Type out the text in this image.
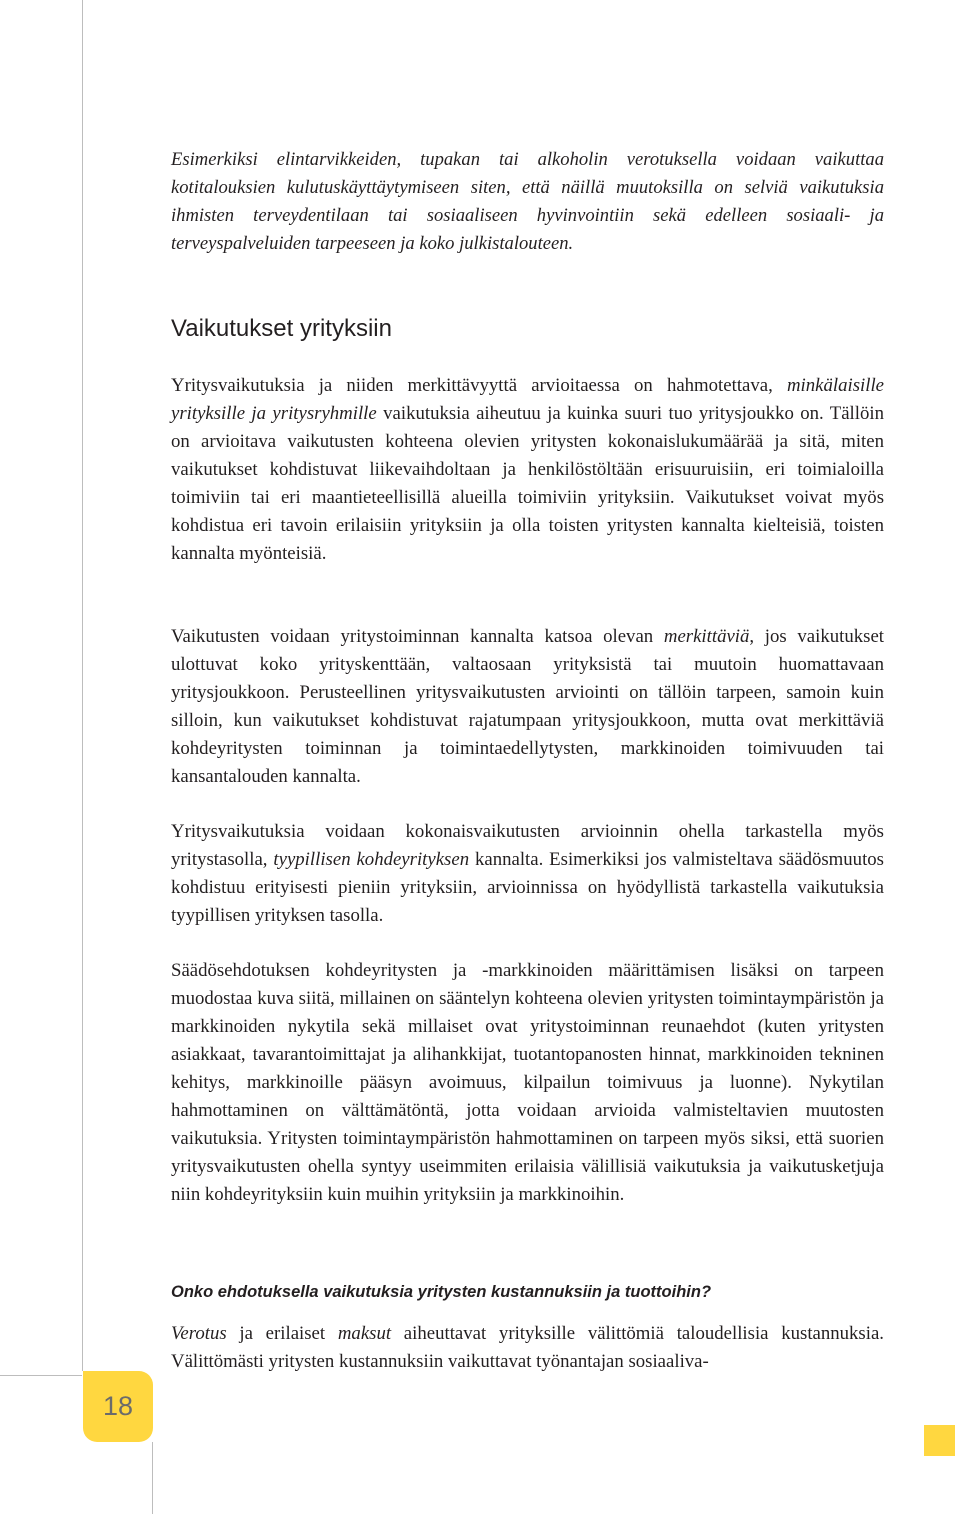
18

Esimerkiksi elintarvikkeiden, tupakan tai alkoholin verotuksella voidaan vaikuttaa kotitalouksien kulutuskäyttäytymiseen siten, että näillä muutoksilla on selviä vaikutuksia ihmisten terveydentilaan tai sosiaaliseen hyvinvointiin sekä edelleen sosiaali- ja terveyspalveluiden tarpeeseen ja koko julkistalouteen.

Vaikutukset yrityksiin

Yritysvaikutuksia ja niiden merkittävyyttä arvioitaessa on hahmotettava, minkälaisille yrityksille ja yritysryhmille vaikutuksia aiheutuu ja kuinka suuri tuo yritysjoukko on. Tällöin on arvioitava vaikutusten kohteena olevien yritysten kokonaislukumäärää ja sitä, miten vaikutukset kohdistuvat liikevaihdoltaan ja henkilöstöltään erisuuruisiin, eri toimialoilla toimiviin tai eri maantieteellisillä alueilla toimiviin yrityksiin. Vaikutukset voivat myös kohdistua eri tavoin erilaisiin yrityksiin ja olla toisten yritysten kannalta kielteisiä, toisten kannalta myönteisiä.

Vaikutusten voidaan yritystoiminnan kannalta katsoa olevan merkittäviä, jos vaikutukset ulottuvat koko yrityskenttään, valtaosaan yrityksistä tai muutoin huomattavaan yritysjoukkoon. Perusteellinen yritysvaikutusten arviointi on tällöin tarpeen, samoin kuin silloin, kun vaikutukset kohdistuvat rajatumpaan yritysjoukkoon, mutta ovat merkittäviä kohdeyritysten toiminnan ja toimintaedellytysten, markkinoiden toimivuuden tai kansantalouden kannalta.

Yritysvaikutuksia voidaan kokonaisvaikutusten arvioinnin ohella tarkastella myös yritystasolla, tyypillisen kohdeyrityksen kannalta. Esimerkiksi jos valmisteltava säädösmuutos kohdistuu erityisesti pieniin yrityksiin, arvioinnissa on hyödyllistä tarkastella vaikutuksia tyypillisen yrityksen tasolla.

Säädösehdotuksen kohdeyritysten ja -markkinoiden määrittämisen lisäksi on tarpeen muodostaa kuva siitä, millainen on sääntelyn kohteena olevien yritysten toimintaympäristön ja markkinoiden nykytila sekä millaiset ovat yritystoiminnan reunaehdot (kuten yritysten asiakkaat, tavarantoimittajat ja alihankkijat, tuotantopanosten hinnat, markkinoiden tekninen kehitys, markkinoille pääsyn avoimuus, kilpailun toimivuus ja luonne). Nykytilan hahmottaminen on välttämätöntä, jotta voidaan arvioida valmisteltavien muutosten vaikutuksia. Yritysten toimintaympäristön hahmottaminen on tarpeen myös siksi, että suorien yritysvaikutusten ohella syntyy useimmiten erilaisia välillisiä vaikutuksia ja vaikutusketjuja niin kohdeyrityksiin kuin muihin yrityksiin ja markkinoihin.

Onko ehdotuksella vaikutuksia yritysten kustannuksiin ja tuottoihin?

Verotus ja erilaiset maksut aiheuttavat yrityksille välittömiä taloudellisia kustannuksia. Välittömästi yritysten kustannuksiin vaikuttavat työnantajan sosiaaliva-
